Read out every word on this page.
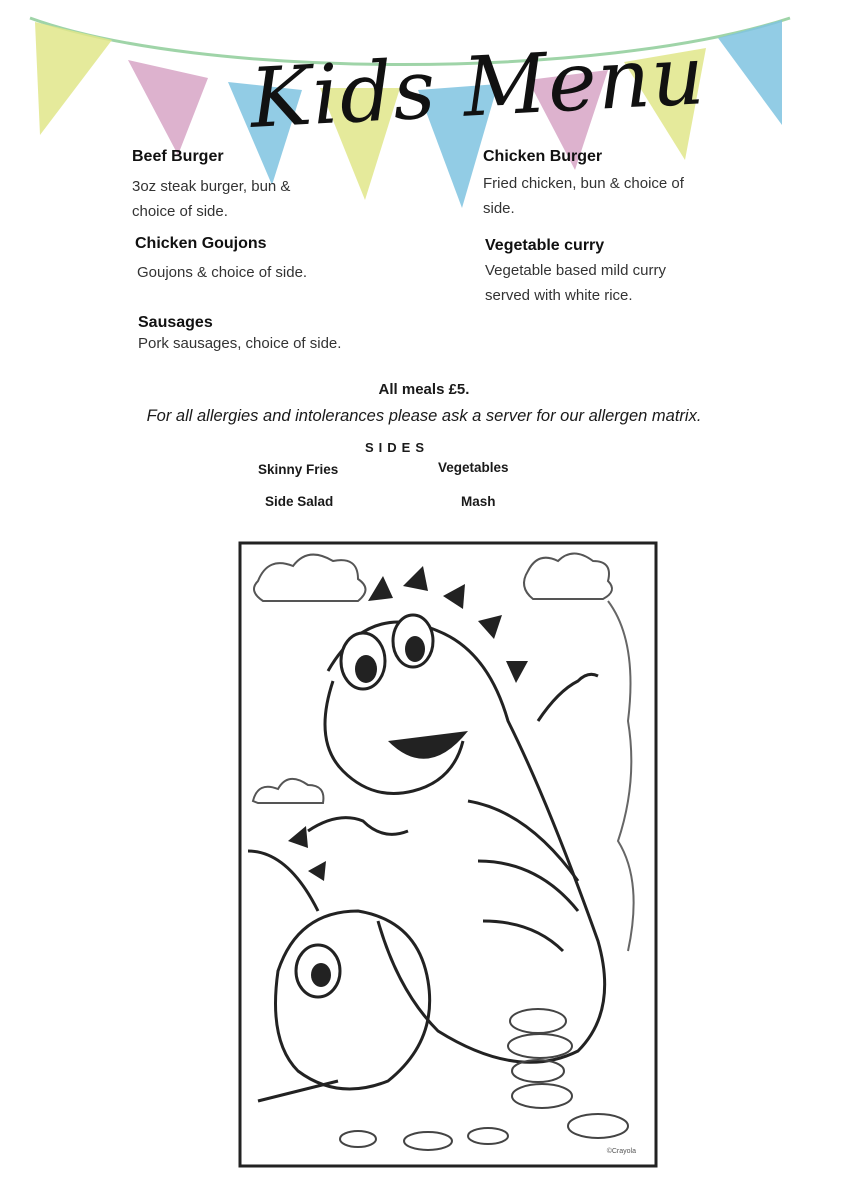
Kids Menu
Beef Burger
3oz steak burger, bun &
choice of side.
Chicken Burger
Fried chicken, bun & choice of
side.
Chicken Goujons
Goujons & choice of side.
Vegetable curry
Vegetable based mild curry
served with white rice.
Sausages
Pork sausages, choice of side.
All meals £5.
For all allergies and intolerances please ask a server for our allergen matrix.
SIDES
Skinny Fries	Vegetables
Side Salad	Mash
©Crayola
